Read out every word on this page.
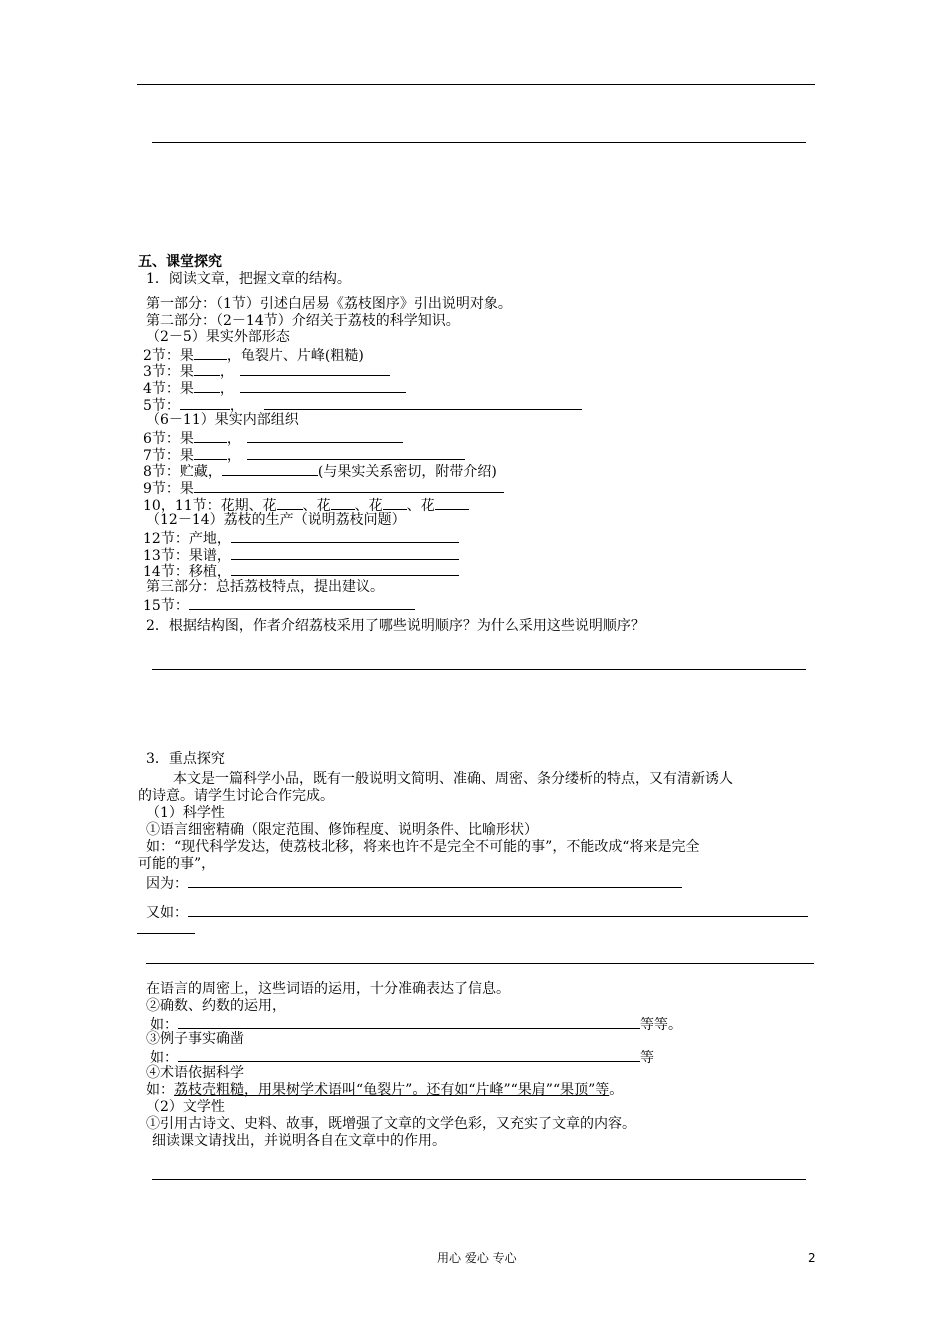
五、课堂探究
1．阅读文章，把握文章的结构。
第一部分：（1节）引述白居易《荔枝图序》引出说明对象。
第二部分：（2－14节）介绍关于荔枝的科学知识。
（2－5）果实外部形态
2节：果 ，龟裂片、片峰(粗糙)
3节：果 ，
4节：果 ，
5节：	，
（6－11）果实内部组织
6节：果 ，
7节：果 ，
8节：贮藏，	(与果实关系密切，附带介绍)
9节：果
10，11节：花期、花 、花 、花 、花
（12－14）荔枝的生产（说明荔枝问题）
12节：产地，
13节：果谱，
14节：移植，
第三部分：总括荔枝特点，提出建议。
15节：
2．根据结构图，作者介绍荔枝采用了哪些说明顺序？为什么采用这些说明顺序？
3．重点探究
本文是一篇科学小品，既有一般说明文简明、准确、周密、条分缕析的特点，又有清新诱人
的诗意。请学生讨论合作完成。
（1）科学性
①语言细密精确（限定范围、修饰程度、说明条件、比喻形状）
如：“现代科学发达，使荔枝北移，将来也许不是完全不可能的事”，不能改成“将来是完全
可能的事”，
因为：
又如：
在语言的周密上，这些词语的运用，十分准确表达了信息。
②确数、约数的运用，
如：	等等。
③例子事实确凿
如：	等
④术语依据科学
如：荔枝壳粗糙，用果树学术语叫“龟裂片”。还有如“片峰”“果肩”“果顶”等。
（2）文学性
①引用古诗文、史料、故事，既增强了文章的文学色彩，又充实了文章的内容。
细读课文请找出，并说明各自在文章中的作用。
用心 爱心 专心	2
